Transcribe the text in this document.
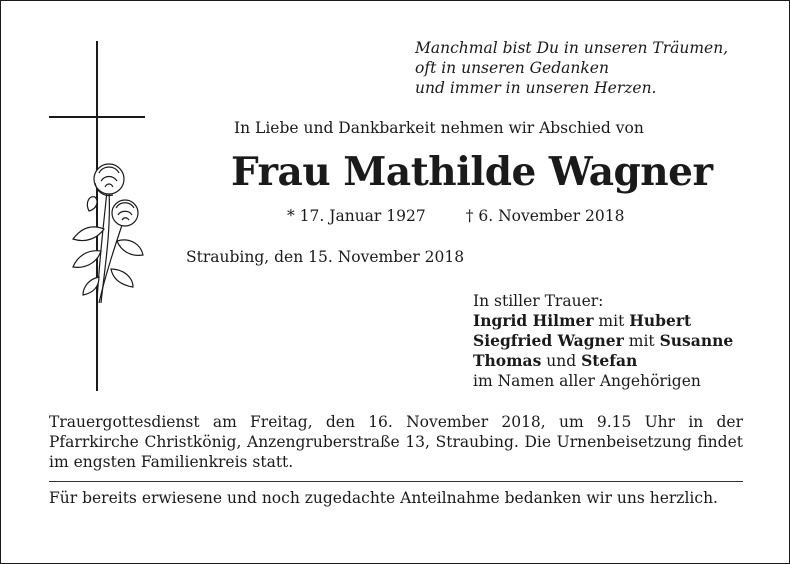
Manchmal bist Du in unseren Träumen,
oft in unseren Gedanken
und immer in unseren Herzen.
In Liebe und Dankbarkeit nehmen wir Abschied von
Frau Mathilde Wagner
* 17. Januar 1927	† 6. November 2018
Straubing, den 15. November 2018
In stiller Trauer:
Ingrid Hilmer mit Hubert
Siegfried Wagner mit Susanne
Thomas und Stefan
im Namen aller Angehörigen
Trauergottesdienst am Freitag, den 16. November 2018, um 9.15 Uhr in der Pfarrkirche Christkönig, Anzengruberstraße 13, Straubing. Die Urnenbeisetzung findet im engsten Familienkreis statt.
Für bereits erwiesene und noch zugedachte Anteilnahme bedanken wir uns herzlich.
